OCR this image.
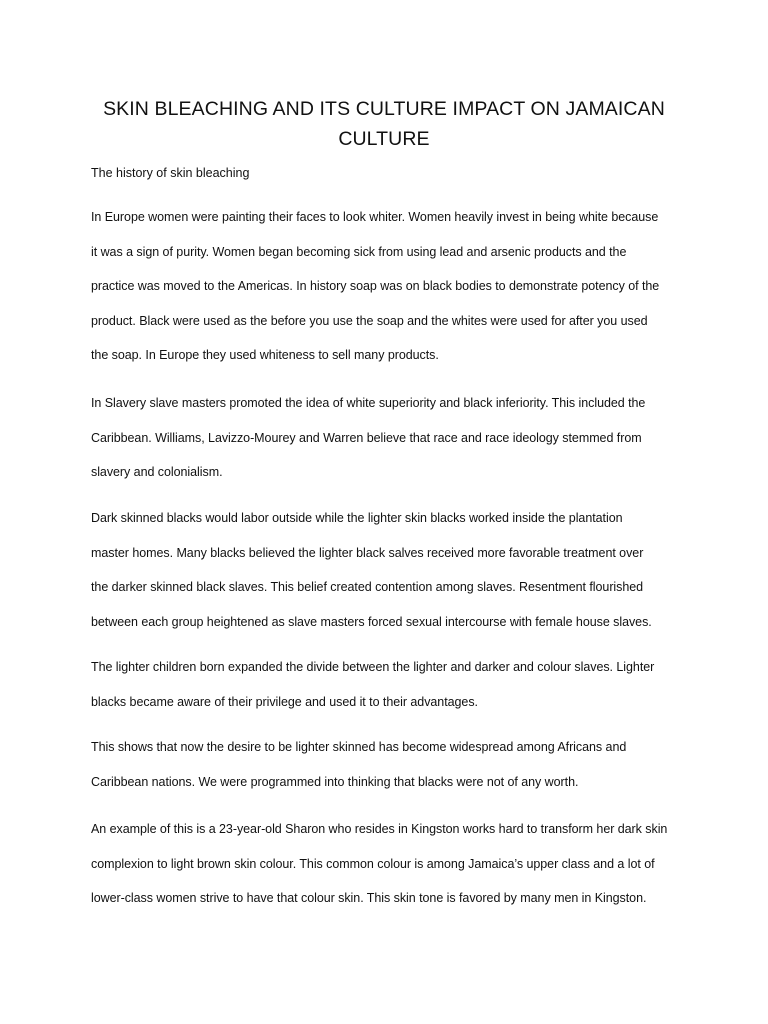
SKIN BLEACHING AND ITS CULTURE IMPACT ON JAMAICAN
CULTURE

The history of skin bleaching

In Europe women were painting their faces to look whiter. Women heavily invest in being white because
it was a sign of purity. Women began becoming sick from using lead and arsenic products and the
practice was moved to the Americas. In history soap was on black bodies to demonstrate potency of the
product. Black were used as the before you use the soap and the whites were used for after you used
the soap. In Europe they used whiteness to sell many products.

In Slavery slave masters promoted the idea of white superiority and black inferiority. This included the
Caribbean. Williams, Lavizzo-Mourey and Warren believe that race and race ideology stemmed from
slavery and colonialism.

Dark skinned blacks would labor outside while the lighter skin blacks worked inside the plantation
master homes. Many blacks believed the lighter black salves received more favorable treatment over
the darker skinned black slaves. This belief created contention among slaves. Resentment flourished
between each group heightened as slave masters forced sexual intercourse with female house slaves.

The lighter children born expanded the divide between the lighter and darker and colour slaves. Lighter
blacks became aware of their privilege and used it to their advantages.

This shows that now the desire to be lighter skinned has become widespread among Africans and
Caribbean nations. We were programmed into thinking that blacks were not of any worth.

An example of this is a 23-year-old Sharon who resides in Kingston works hard to transform her dark skin
complexion to light brown skin colour. This common colour is among Jamaica’s upper class and a lot of
lower-class women strive to have that colour skin. This skin tone is favored by many men in Kingston.
